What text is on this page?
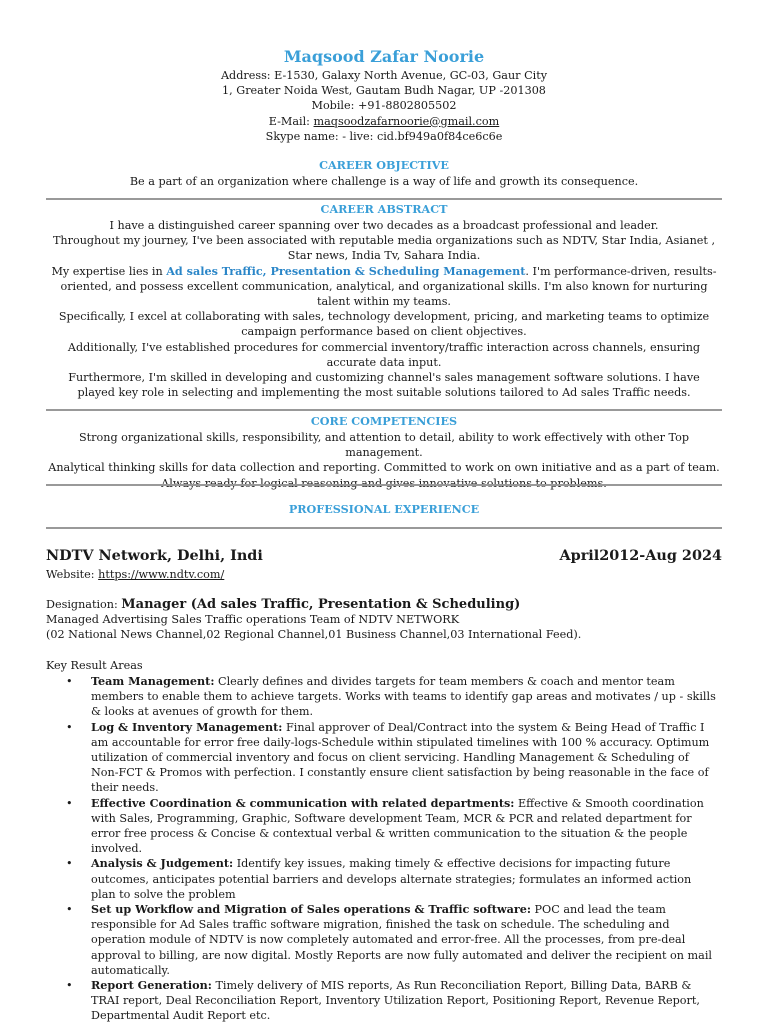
Maqsood Zafar Noorie
Address: E-1530, Galaxy North Avenue, GC-03, Gaur City
1, Greater Noida West, Gautam Budh Nagar, UP -201308
Mobile: +91-8802805502
E-Mail: maqsoodzafarnoorie@gmail.com
Skype name: - live: cid.bf949a0f84ce6c6e
CAREER OBJECTIVE
Be a part of an organization where challenge is a way of life and growth its consequence.
CAREER ABSTRACT
I have a distinguished career spanning over two decades as a broadcast professional and leader.
Throughout my journey, I've been associated with reputable media organizations such as NDTV, Star India, Asianet , Star news, India Tv, Sahara India.
My expertise lies in Ad sales Traffic, Presentation & Scheduling Management. I'm performance-driven, results-oriented, and possess excellent communication, analytical, and organizational skills. I'm also known for nurturing talent within my teams.
Specifically, I excel at collaborating with sales, technology development, pricing, and marketing teams to optimize campaign performance based on client objectives.
Additionally, I've established procedures for commercial inventory/traffic interaction across channels, ensuring accurate data input.
Furthermore, I'm skilled in developing and customizing channel's sales management software solutions. I have played key role in selecting and implementing the most suitable solutions tailored to Ad sales Traffic needs.
CORE COMPETENCIES
Strong organizational skills, responsibility, and attention to detail, ability to work effectively with other Top management.
Analytical thinking skills for data collection and reporting. Committed to work on own initiative and as a part of team.
PROFESSIONAL EXPERIENCE
NDTV Network, Delhi, Indi	April2012-Aug 2024
Website: https://www.ndtv.com/
Designation: Manager (Ad sales Traffic, Presentation & Scheduling)
Managed Advertising Sales Traffic operations Team of NDTV NETWORK
(02 National News Channel,02 Regional Channel,01 Business Channel,03 International Feed).
Key Result Areas
• Team Management: Clearly defines and divides targets for team members & coach and mentor team members to enable them to achieve targets. Works with teams to identify gap areas and motivates / up - skills & looks at avenues of growth for them.
• Log & Inventory Management: Final approver of Deal/Contract into the system & Being Head of Traffic I am accountable for error free daily-logs-Schedule within stipulated timelines with 100 % accuracy. Optimum utilization of commercial inventory and focus on client servicing. Handling Management & Scheduling of Non-FCT & Promos with perfection. I constantly ensure client satisfaction by being reasonable in the face of their needs.
• Effective Coordination & communication with related departments: Effective & Smooth coordination with Sales, Programming, Graphic, Software development Team, MCR & PCR and related department for error free process & Concise & contextual verbal & written communication to the situation & the people involved.
• Analysis & Judgement: Identify key issues, making timely & effective decisions for impacting future outcomes, anticipates potential barriers and develops alternate strategies; formulates an informed action plan to solve the problem
• Set up Workflow and Migration of Sales operations & Traffic software: POC and lead the team responsible for Ad Sales traffic software migration, finished the task on schedule. The scheduling and operation module of NDTV is now completely automated and error-free. All the processes, from pre-deal approval to billing, are now digital. Mostly Reports are now fully automated and deliver the recipient on mail automatically.
• Report Generation: Timely delivery of MIS reports, As Run Reconciliation Report, Billing Data, BARB & TRAI report, Deal Reconciliation Report, Inventory Utilization Report, Positioning Report, Revenue Report, Departmental Audit Report etc.
